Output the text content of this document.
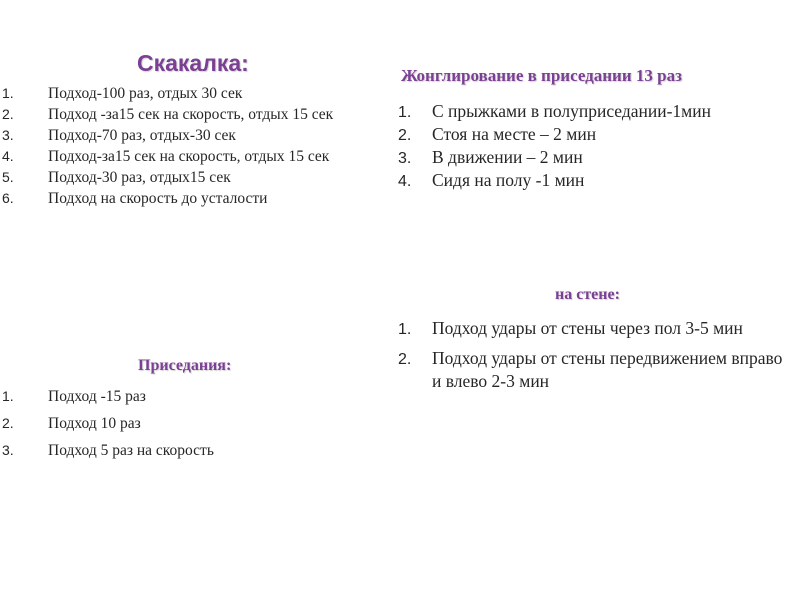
Скакалка:
1. Подход-100 раз, отдых 30 сек
2. Подход -за15 сек на скорость, отдых 15 сек
3. Подход-70 раз, отдых-30 сек
4. Подход-за15 сек на скорость, отдых 15 сек
5. Подход-30 раз, отдых15 сек
6. Подход на скорость до усталости
Приседания:
1. Подход -15 раз
2. Подход 10 раз
3. Подход 5 раз на скорость
Жонглирование в приседании 13 раз
1. С прыжками в полуприседании-1мин
2. Стоя на месте – 2 мин
3. В движении – 2 мин
4. Сидя на полу -1 мин
на стене:
1. Подход удары от стены через пол 3-5 мин
2. Подход удары от стены передвижением вправо и влево 2-3 мин
